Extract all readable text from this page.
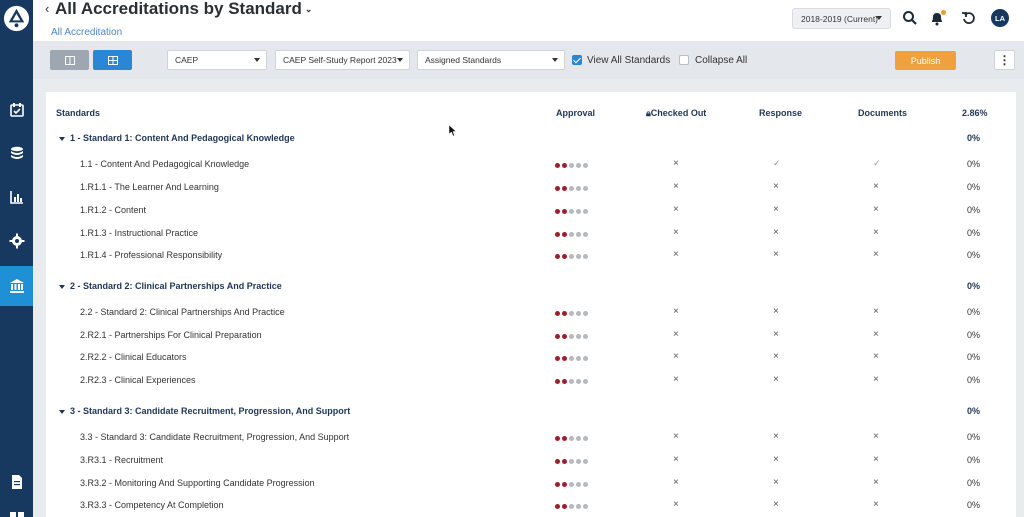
‹ All Accreditations by Standard ⌄
All Accreditation
2018-2019 (Current)	LA
CAEP	CAEP Self-Study Report 2023	Assigned Standards	View All Standards Collapse All	Publish	⋮
Standards	Approval	🔒︎Checked Out	Response	Documents	2.86%
1 - Standard 1: Content And Pedagogical Knowledge	0%
1.1 - Content And Pedagogical Knowledge	×	✓	✓	0%
1.R1.1 - The Learner And Learning	×	×	×	0%
1.R1.2 - Content	×	×	×	0%
1.R1.3 - Instructional Practice	×	×	×	0%
1.R1.4 - Professional Responsibility	×	×	×	0%
2 - Standard 2: Clinical Partnerships And Practice	0%
2.2 - Standard 2: Clinical Partnerships And Practice	×	×	×	0%
2.R2.1 - Partnerships For Clinical Preparation	×	×	×	0%
2.R2.2 - Clinical Educators	×	×	×	0%
2.R2.3 - Clinical Experiences	×	×	×	0%
3 - Standard 3: Candidate Recruitment, Progression, And Support	0%
3.3 - Standard 3: Candidate Recruitment, Progression, And Support	×	×	×	0%
3.R3.1 - Recruitment	×	×	×	0%
3.R3.2 - Monitoring And Supporting Candidate Progression	×	×	×	0%
3.R3.3 - Competency At Completion	×	×	×	0%
